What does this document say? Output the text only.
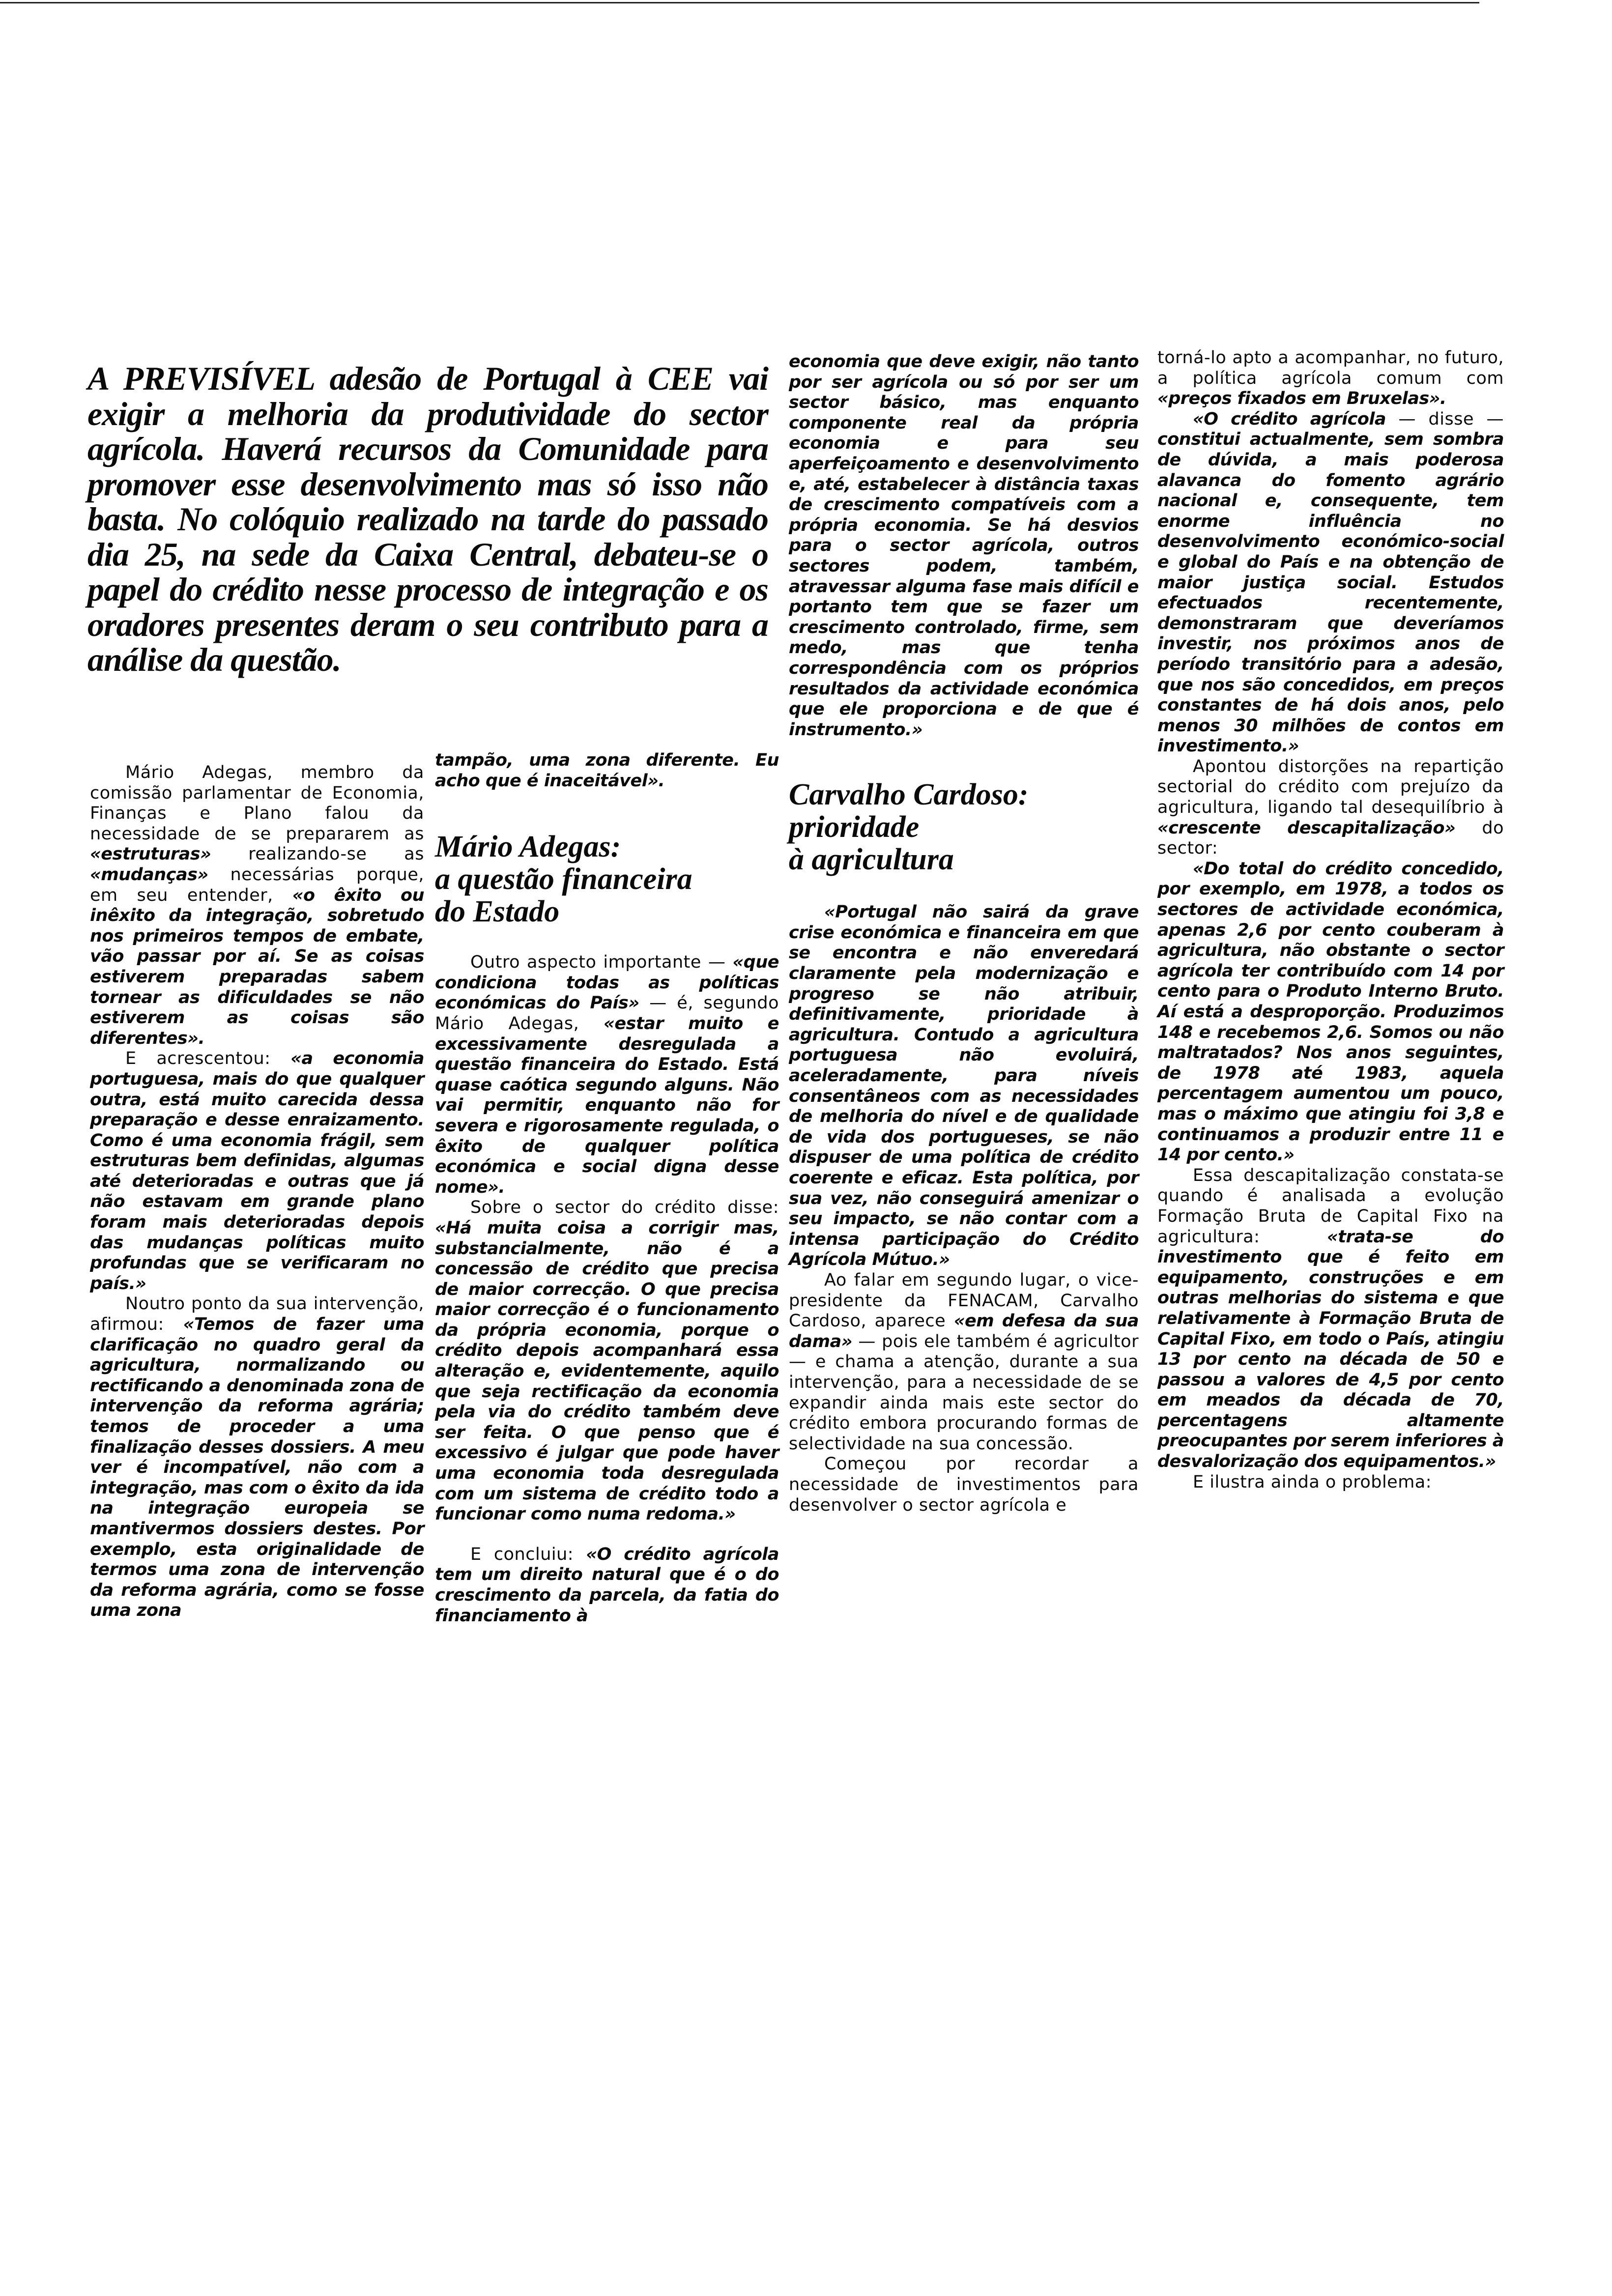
A PREVISÍVEL adesão de Portugal à CEE vai exigir a melhoria da produtividade do sector agrícola. Haverá recursos da Comunidade para promover esse desenvolvimento mas só isso não basta. No colóquio realizado na tarde do passado dia 25, na sede da Caixa Central, debateu-se o papel do crédito nesse processo de integração e os oradores presentes deram o seu contributo para a análise da questão.

Mário Adegas, membro da comissão parlamentar de Economia, Finanças e Plano falou da necessidade de se prepararem as «estruturas» realizando-se as «mudanças» necessárias porque, em seu entender, «o êxito ou inêxito da integração, sobretudo nos primeiros tempos de embate, vão passar por aí. Se as coisas estiverem preparadas sabem tornear as dificuldades se não estiverem as coisas são diferentes».

E acrescentou: «a economia portuguesa, mais do que qualquer outra, está muito carecida dessa preparação e desse enraizamento. Como é uma economia frágil, sem estruturas bem definidas, algumas até deterioradas e outras que já não estavam em grande plano foram mais deterioradas depois das mudanças políticas muito profundas que se verificaram no país.»

Noutro ponto da sua intervenção, afirmou: «Temos de fazer uma clarificação no quadro geral da agricultura, normalizando ou rectificando a denominada zona de intervenção da reforma agrária; temos de proceder a uma finalização desses dossiers. A meu ver é incompatível, não com a integração, mas com o êxito da ida na integração europeia se mantivermos dossiers destes. Por exemplo, esta originalidade de termos uma zona de intervenção da reforma agrária, como se fosse uma zona

tampão, uma zona diferente. Eu acho que é inaceitável».

Mário Adegas:
a questão financeira
do Estado

Outro aspecto importante — «que condiciona todas as políticas económicas do País» — é, segundo Mário Adegas, «estar muito e excessivamente desregulada a questão financeira do Estado. Está quase caótica segundo alguns. Não vai permitir, enquanto não for severa e rigorosamente regulada, o êxito de qualquer política económica e social digna desse nome».

Sobre o sector do crédito disse: «Há muita coisa a corrigir mas, substancialmente, não é a concessão de crédito que precisa de maior correcção. O que precisa maior correcção é o funcionamento da própria economia, porque o crédito depois acompanhará essa alteração e, evidentemente, aquilo que seja rectificação da economia pela via do crédito também deve ser feita. O que penso que é excessivo é julgar que pode haver uma economia toda desregulada com um sistema de crédito todo a funcionar como numa redoma.»

E concluiu: «O crédito agrícola tem um direito natural que é o do crescimento da parcela, da fatia do financiamento à

economia que deve exigir, não tanto por ser agrícola ou só por ser um sector básico, mas enquanto componente real da própria economia e para seu aperfeiçoamento e desenvolvimento e, até, estabelecer à distância taxas de crescimento compatíveis com a própria economia. Se há desvios para o sector agrícola, outros sectores podem, também, atravessar alguma fase mais difícil e portanto tem que se fazer um crescimento controlado, firme, sem medo, mas que tenha correspondência com os próprios resultados da actividade económica que ele proporciona e de que é instrumento.»

Carvalho Cardoso:
prioridade
à agricultura

«Portugal não sairá da grave crise económica e financeira em que se encontra e não enveredará claramente pela modernização e progreso se não atribuir, definitivamente, prioridade à agricultura. Contudo a agricultura portuguesa não evoluirá, aceleradamente, para níveis consentâneos com as necessidades de melhoria do nível e de qualidade de vida dos portugueses, se não dispuser de uma política de crédito coerente e eficaz. Esta política, por sua vez, não conseguirá amenizar o seu impacto, se não contar com a intensa participação do Crédito Agrícola Mútuo.»

Ao falar em segundo lugar, o vice-presidente da FENACAM, Carvalho Cardoso, aparece «em defesa da sua dama» — pois ele também é agricultor — e chama a atenção, durante a sua intervenção, para a necessidade de se expandir ainda mais este sector do crédito embora procurando formas de selectividade na sua concessão.

Começou por recordar a necessidade de investimentos para desenvolver o sector agrícola e

torná-lo apto a acompanhar, no futuro, a política agrícola comum com «preços fixados em Bruxelas».

«O crédito agrícola — disse — constitui actualmente, sem sombra de dúvida, a mais poderosa alavanca do fomento agrário nacional e, consequente, tem enorme influência no desenvolvimento económico-social e global do País e na obtenção de maior justiça social. Estudos efectuados recentemente, demonstraram que deveríamos investir, nos próximos anos de período transitório para a adesão, que nos são concedidos, em preços constantes de há dois anos, pelo menos 30 milhões de contos em investimento.»

Apontou distorções na repartição sectorial do crédito com prejuízo da agricultura, ligando tal desequilíbrio à «crescente descapitalização» do sector:

«Do total do crédito concedido, por exemplo, em 1978, a todos os sectores de actividade económica, apenas 2,6 por cento couberam à agricultura, não obstante o sector agrícola ter contribuído com 14 por cento para o Produto Interno Bruto. Aí está a desproporção. Produzimos 148 e recebemos 2,6. Somos ou não maltratados? Nos anos seguintes, de 1978 até 1983, aquela percentagem aumentou um pouco, mas o máximo que atingiu foi 3,8 e continuamos a produzir entre 11 e 14 por cento.»

Essa descapitalização constata-se quando é analisada a evolução Formação Bruta de Capital Fixo na agricultura: «trata-se do investimento que é feito em equipamento, construções e em outras melhorias do sistema e que relativamente à Formação Bruta de Capital Fixo, em todo o País, atingiu 13 por cento na década de 50 e passou a valores de 4,5 por cento em meados da década de 70, percentagens altamente preocupantes por serem inferiores à desvalorização dos equipamentos.»

E ilustra ainda o problema:
